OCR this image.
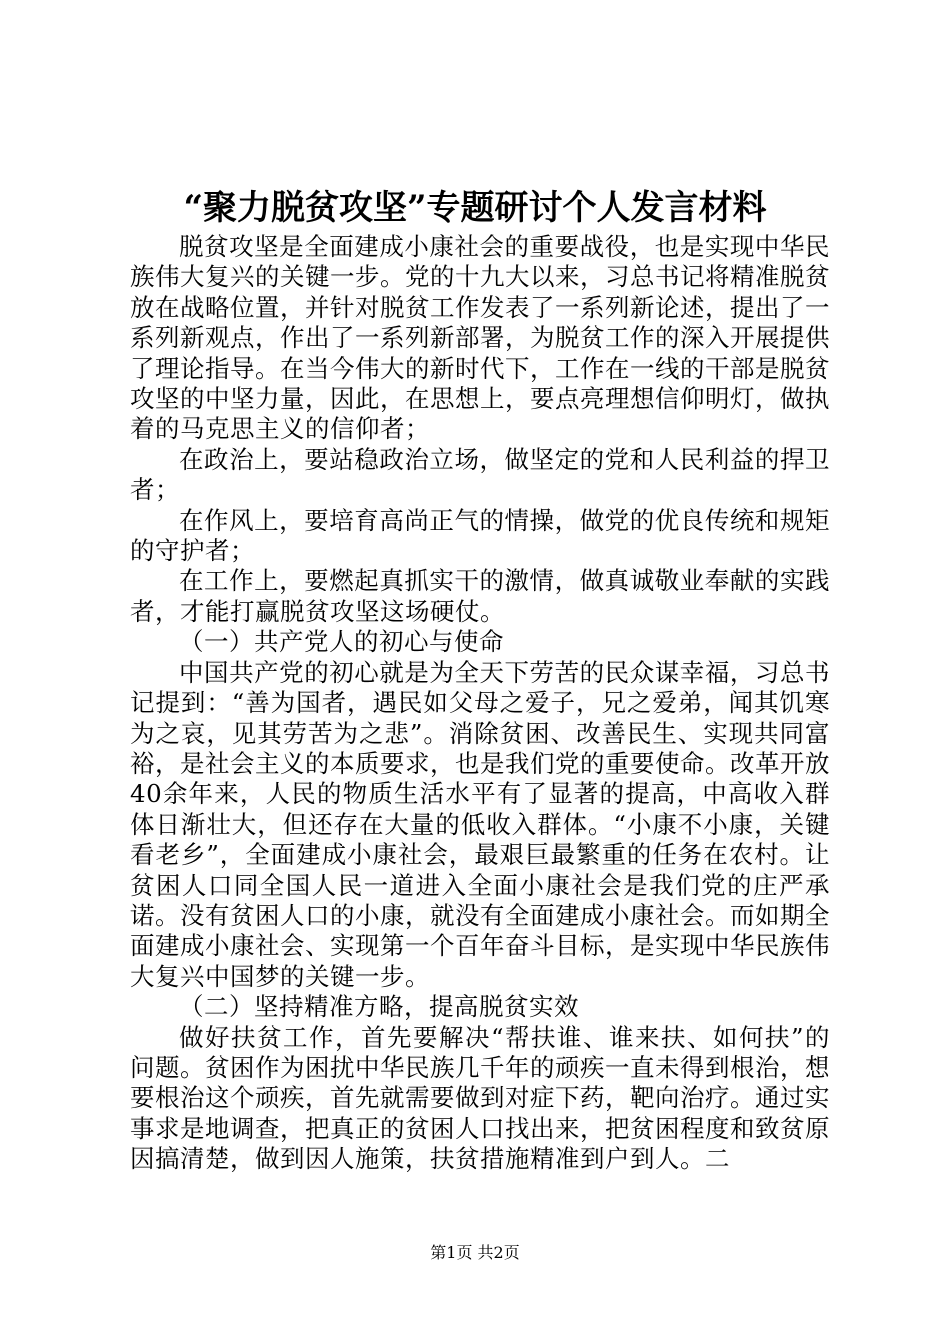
“聚力脱贫攻坚”专题研讨个人发言材料

脱贫攻坚是全面建成小康社会的重要战役，也是实现中华民族伟大复兴的关键一步。党的十九大以来，习总书记将精准脱贫放在战略位置，并针对脱贫工作发表了一系列新论述，提出了一系列新观点，作出了一系列新部署，为脱贫工作的深入开展提供了理论指导。在当今伟大的新时代下，工作在一线的干部是脱贫攻坚的中坚力量，因此，在思想上，要点亮理想信仰明灯，做执着的马克思主义的信仰者；

在政治上，要站稳政治立场，做坚定的党和人民利益的捍卫者；

在作风上，要培育高尚正气的情操，做党的优良传统和规矩的守护者；

在工作上，要燃起真抓实干的激情，做真诚敬业奉献的实践者，才能打赢脱贫攻坚这场硬仗。

（一）共产党人的初心与使命

中国共产党的初心就是为全天下劳苦的民众谋幸福，习总书记提到：“善为国者，遇民如父母之爱子，兄之爱弟，闻其饥寒为之哀，见其劳苦为之悲”。消除贫困、改善民生、实现共同富裕，是社会主义的本质要求，也是我们党的重要使命。改革开放40余年来，人民的物质生活水平有了显著的提高，中高收入群体日渐壮大，但还存在大量的低收入群体。“小康不小康，关键看老乡”，全面建成小康社会，最艰巨最繁重的任务在农村。让贫困人口同全国人民一道进入全面小康社会是我们党的庄严承诺。没有贫困人口的小康，就没有全面建成小康社会。而如期全面建成小康社会、实现第一个百年奋斗目标，是实现中华民族伟大复兴中国梦的关键一步。

（二）坚持精准方略，提高脱贫实效

做好扶贫工作，首先要解决“帮扶谁、谁来扶、如何扶”的问题。贫困作为困扰中华民族几千年的顽疾一直未得到根治，想要根治这个顽疾，首先就需要做到对症下药，靶向治疗。通过实事求是地调查，把真正的贫困人口找出来，把贫困程度和致贫原因搞清楚，做到因人施策，扶贫措施精准到户到人。二

第1页 共2页
